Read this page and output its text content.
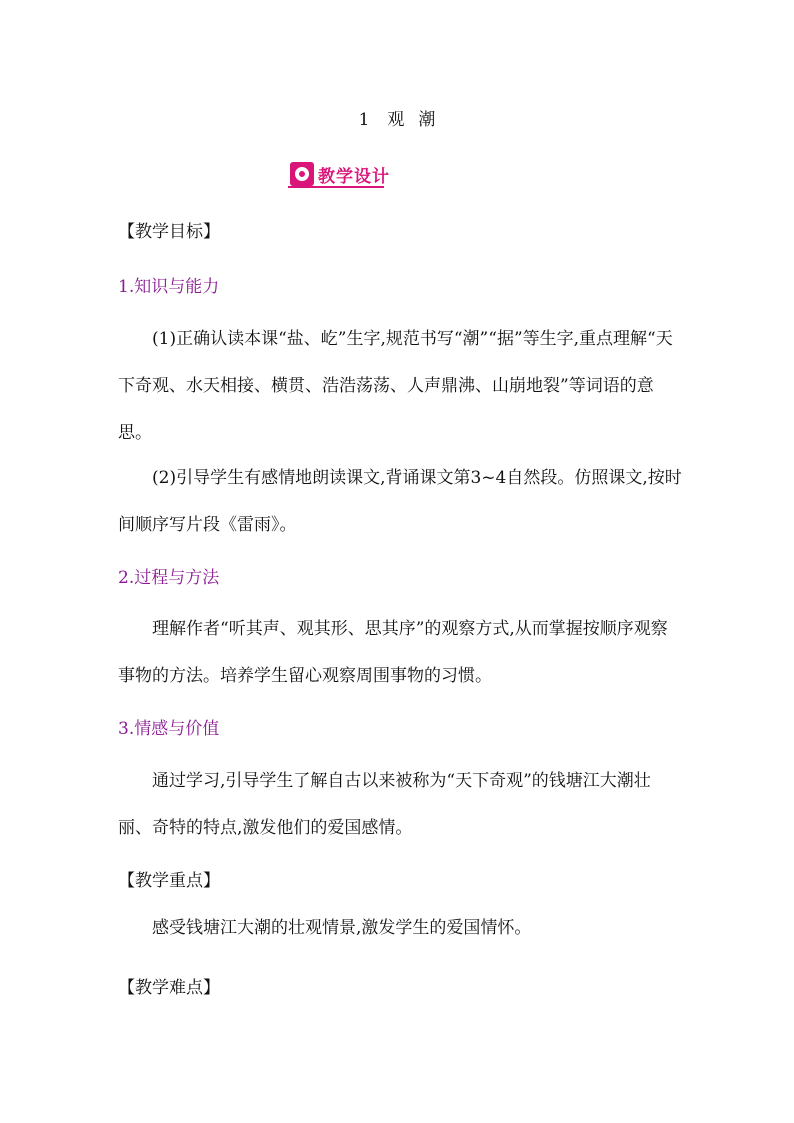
1 观 潮
教学设计

【教学目标】

1.知识与能力

(1)正确认读本课“盐、屹”生字,规范书写“潮”“据”等生字,重点理解“天下奇观、水天相接、横贯、浩浩荡荡、人声鼎沸、山崩地裂”等词语的意思。

(2)引导学生有感情地朗读课文,背诵课文第3~4自然段。仿照课文,按时间顺序写片段《雷雨》。

2.过程与方法

理解作者“听其声、观其形、思其序”的观察方式,从而掌握按顺序观察事物的方法。培养学生留心观察周围事物的习惯。

3.情感与价值

通过学习,引导学生了解自古以来被称为“天下奇观”的钱塘江大潮壮丽、奇特的特点,激发他们的爱国感情。

【教学重点】

感受钱塘江大潮的壮观情景,激发学生的爱国情怀。

【教学难点】
